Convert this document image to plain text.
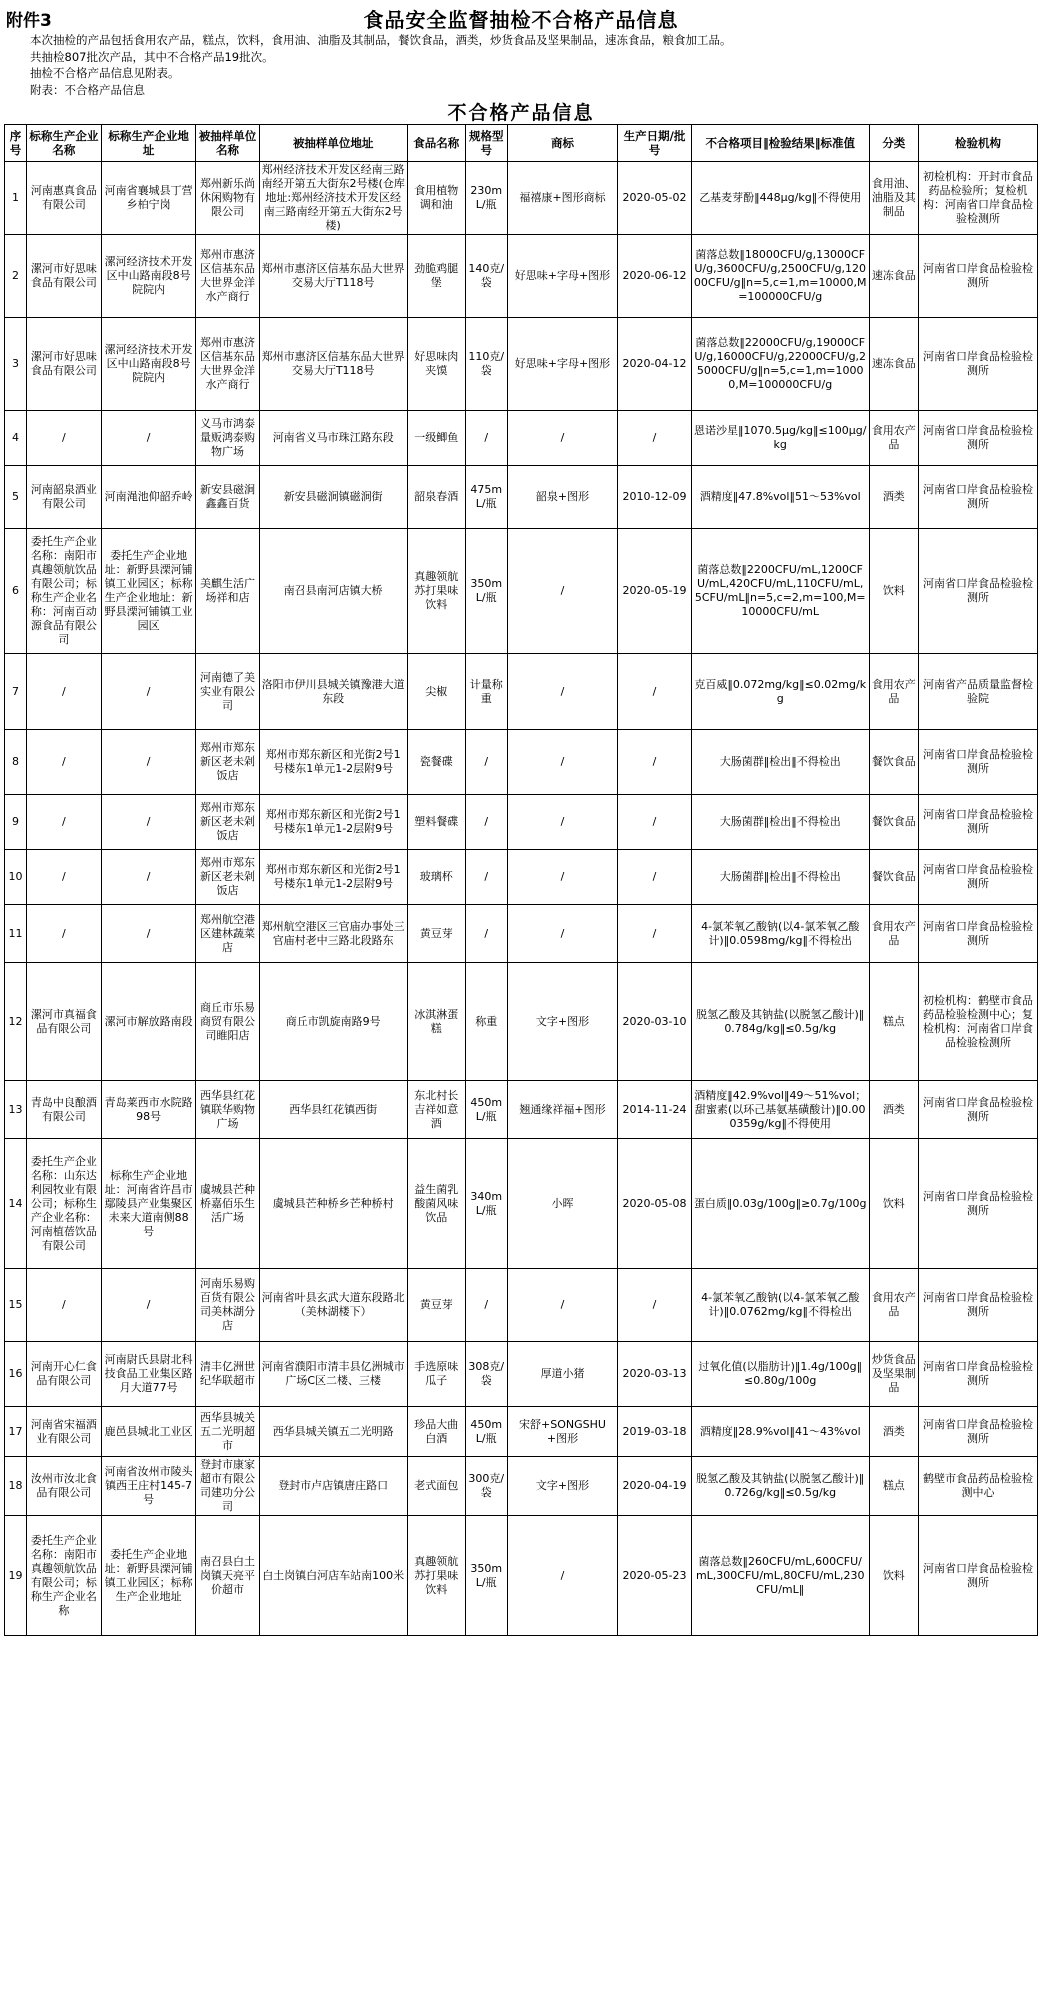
附件3	食品安全监督抽检不合格产品信息
本次抽检的产品包括食用农产品，糕点，饮料，食用油、油脂及其制品，餐饮食品，酒类，炒货食品及坚果制品，速冻食品，粮食加工品。
共抽检807批次产品，其中不合格产品19批次。
抽检不合格产品信息见附表。
附表：不合格产品信息
不合格产品信息
序号	标称生产企业名称	标称生产企业地址	被抽样单位名称	被抽样单位地址	食品名称	规格型号	商标	生产日期/批号	不合格项目‖检验结果‖标准值	分类	检验机构
1	河南惠真食品有限公司	河南省襄城县丁营乡柏宁岗	郑州新乐尚休闲购物有限公司	郑州经济技术开发区经南三路南经开第五大街东2号楼(仓库地址:郑州经济技术开发区经南三路南经开第五大街东2号楼)	食用植物调和油	230mL/瓶	福禧康+图形商标	2020-05-02	乙基麦芽酚‖448μg/kg‖不得使用	食用油、油脂及其制品	初检机构：开封市食品药品检验所；复检机构：河南省口岸食品检验检测所
2	漯河市好思味食品有限公司	漯河经济技术开发区中山路南段8号院院内	郑州市惠济区信基东品大世界金洋水产商行	郑州市惠济区信基东品大世界交易大厅T118号	劲脆鸡腿堡	140克/袋	好思味+字母+图形	2020-06-12	菌落总数‖18000CFU/g,13000CFU/g,3600CFU/g,2500CFU/g,12000CFU/g‖n=5,c=1,m=10000,M=100000CFU/g	速冻食品	河南省口岸食品检验检测所
3	漯河市好思味食品有限公司	漯河经济技术开发区中山路南段8号院院内	郑州市惠济区信基东品大世界金洋水产商行	郑州市惠济区信基东品大世界交易大厅T118号	好思味肉夹馍	110克/袋	好思味+字母+图形	2020-04-12	菌落总数‖22000CFU/g,19000CFU/g,16000CFU/g,22000CFU/g,25000CFU/g‖n=5,c=1,m=10000,M=100000CFU/g	速冻食品	河南省口岸食品检验检测所
4	/	/	义马市鸿泰量贩鸿泰购物广场	河南省义马市珠江路东段	一级鲫鱼	/	/	/	恩诺沙星‖1070.5μg/kg‖≤100μg/kg	食用农产品	河南省口岸食品检验检测所
5	河南韶泉酒业有限公司	河南渑池仰韶乔岭	新安县磁涧鑫鑫百货	新安县磁涧镇磁涧街	韶泉春酒	475mL/瓶	韶泉+图形	2010-12-09	酒精度‖47.8%vol‖51～53%vol	酒类	河南省口岸食品检验检测所
6	委托生产企业名称：南阳市真趣领航饮品有限公司；标称生产企业名称：河南百动源食品有限公司	委托生产企业地址：新野县溧河铺镇工业园区；标称生产企业地址：新野县溧河铺镇工业园区	美麒生活广场祥和店	南召县南河店镇大桥	真趣领航苏打果味饮料	350mL/瓶	/	2020-05-19	菌落总数‖2200CFU/mL,1200CFU/mL,420CFU/mL,110CFU/mL,5CFU/mL‖n=5,c=2,m=100,M=10000CFU/mL	饮料	河南省口岸食品检验检测所
7	/	/	河南德了美实业有限公司	洛阳市伊川县城关镇豫港大道东段	尖椒	计量称重	/	/	克百威‖0.072mg/kg‖≤0.02mg/kg	食用农产品	河南省产品质量监督检验院
8	/	/	郑州市郑东新区老未剁饭店	郑州市郑东新区和光街2号1号楼东1单元1-2层附9号	瓷餐碟	/	/	/	大肠菌群‖检出‖不得检出	餐饮食品	河南省口岸食品检验检测所
9	/	/	郑州市郑东新区老未剁饭店	郑州市郑东新区和光街2号1号楼东1单元1-2层附9号	塑料餐碟	/	/	/	大肠菌群‖检出‖不得检出	餐饮食品	河南省口岸食品检验检测所
10	/	/	郑州市郑东新区老未剁饭店	郑州市郑东新区和光街2号1号楼东1单元1-2层附9号	玻璃杯	/	/	/	大肠菌群‖检出‖不得检出	餐饮食品	河南省口岸食品检验检测所
11	/	/	郑州航空港区建林蔬菜店	郑州航空港区三官庙办事处三官庙村老中三路北段路东	黄豆芽	/	/	/	4-氯苯氧乙酸钠(以4-氯苯氧乙酸计)‖0.0598mg/kg‖不得检出	食用农产品	河南省口岸食品检验检测所
12	漯河市真福食品有限公司	漯河市解放路南段	商丘市乐易商贸有限公司睢阳店	商丘市凯旋南路9号	冰淇淋蛋糕	称重	文字+图形	2020-03-10	脱氢乙酸及其钠盐(以脱氢乙酸计)‖0.784g/kg‖≤0.5g/kg	糕点	初检机构：鹤壁市食品药品检验检测中心；复检机构：河南省口岸食品检验检测所
13	青岛中良酿酒有限公司	青岛莱西市水院路98号	西华县红花镇联华购物广场	西华县红花镇西街	东北村长吉祥如意酒	450mL/瓶	翘通缘祥福+图形	2014-11-24	酒精度‖42.9%vol‖49～51%vol；甜蜜素(以环己基氨基磺酸计)‖0.000359g/kg‖不得使用	酒类	河南省口岸食品检验检测所
14	委托生产企业名称：山东达利园牧业有限公司；标称生产企业名称：河南植蓓饮品有限公司	标称生产企业地址：河南省许昌市鄢陵县产业集聚区未来大道南侧88号	虞城县芒种桥嘉佰乐生活广场	虞城县芒种桥乡芒种桥村	益生菌乳酸菌风味饮品	340mL/瓶	小晖	2020-05-08	蛋白质‖0.03g/100g‖≥0.7g/100g	饮料	河南省口岸食品检验检测所
15	/	/	河南乐易购百货有限公司美林湖分店	河南省叶县玄武大道东段路北（美林湖楼下）	黄豆芽	/	/	/	4-氯苯氧乙酸钠(以4-氯苯氧乙酸计)‖0.0762mg/kg‖不得检出	食用农产品	河南省口岸食品检验检测所
16	河南开心仁食品有限公司	河南尉氏县尉北科技食品工业集区路月大道77号	清丰亿洲世纪华联超市	河南省濮阳市清丰县亿洲城市广场C区二楼、三楼	手选原味瓜子	308克/袋	厚道小猪	2020-03-13	过氧化值(以脂肪计)‖1.4g/100g‖≤0.80g/100g	炒货食品及坚果制品	河南省口岸食品检验检测所
17	河南省宋福酒业有限公司	鹿邑县城北工业区	西华县城关五二光明超市	西华县城关镇五二光明路	珍品大曲白酒	450mL/瓶	宋舒+SONGSHU+图形	2019-03-18	酒精度‖28.9%vol‖41～43%vol	酒类	河南省口岸食品检验检测所
18	汝州市汝北食品有限公司	河南省汝州市陵头镇西王庄村145-7号	登封市康家超市有限公司建功分公司	登封市卢店镇唐庄路口	老式面包	300克/袋	文字+图形	2020-04-19	脱氢乙酸及其钠盐(以脱氢乙酸计)‖0.726g/kg‖≤0.5g/kg	糕点	鹤壁市食品药品检验检测中心
19	委托生产企业名称：南阳市真趣领航饮品有限公司；标称生产企业名称	委托生产企业地址：新野县溧河铺镇工业园区；标称生产企业地址	南召县白土岗镇天亮平价超市	白土岗镇白河店车站南100米	真趣领航苏打果味饮料	350mL/瓶	/	2020-05-23	菌落总数‖260CFU/mL,600CFU/mL,300CFU/mL,80CFU/mL,230CFU/mL‖	饮料	河南省口岸食品检验检测所
